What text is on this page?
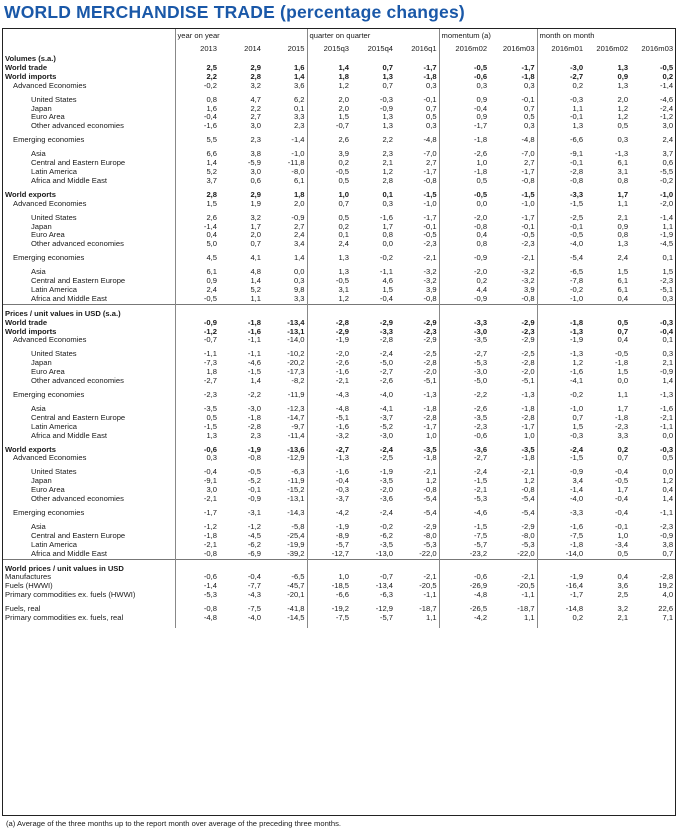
WORLD MERCHANDISE TRADE (percentage changes)
	year on year			quarter on quarter			momentum (a)		month on month		
	2013	2014	2015	2015q3	2015q4	2016q1	2016m02	2016m03	2016m01	2016m02	2016m03
Volumes (s.a.)											
World trade	2,5	2,9	1,6	1,4	0,7	-1,7	-0,5	-1,7	-3,0	1,3	-0,5
World imports	2,2	2,8	1,4	1,8	1,3	-1,8	-0,6	-1,8	-2,7	0,9	0,2
Advanced Economies	-0,2	3,2	3,6	1,2	0,7	0,3	0,3	0,3	0,2	1,3	-1,4

United States	0,8	4,7	6,2	2,0	-0,3	-0,1	0,9	-0,1	-0,3	2,0	-4,6
Japan	1,6	2,2	0,1	2,0	-0,9	0,7	-0,4	0,7	1,1	1,2	-2,4
Euro Area	-0,4	2,7	3,3	1,5	1,3	0,5	0,9	0,5	-0,1	1,2	-1,2
Other advanced economies	-1,6	3,0	2,3	-0,7	1,3	0,3	-1,7	0,3	1,3	0,5	3,0

Emerging economies	5,5	2,3	-1,4	2,6	2,2	-4,8	-1,8	-4,8	-6,6	0,3	2,4

Asia	6,6	3,8	-1,0	3,9	2,3	-7,0	-2,6	-7,0	-9,1	-1,3	3,7
Central and Eastern Europe	1,4	-5,9	-11,8	0,2	2,1	2,7	1,0	2,7	-0,1	6,1	0,6
Latin America	5,2	3,0	-8,0	-0,5	1,2	-1,7	-1,8	-1,7	-2,8	3,1	-5,5
Africa and Middle East	3,7	0,6	6,1	0,5	2,8	-0,8	0,5	-0,8	-0,8	0,8	-0,2

World exports	2,8	2,9	1,8	1,0	0,1	-1,5	-0,5	-1,5	-3,3	1,7	-1,0
Advanced Economies	1,5	1,9	2,0	0,7	0,3	-1,0	0,0	-1,0	-1,5	1,1	-2,0

United States	2,6	3,2	-0,9	0,5	-1,6	-1,7	-2,0	-1,7	-2,5	2,1	-1,4
Japan	-1,4	1,7	2,7	0,2	1,7	-0,1	-0,8	-0,1	-0,1	0,9	1,1
Euro Area	0,4	2,0	2,4	0,1	0,8	-0,5	0,4	-0,5	-0,5	0,8	-1,9
Other advanced economies	5,0	0,7	3,4	2,4	0,0	-2,3	0,8	-2,3	-4,0	1,3	-4,5

Emerging economies	4,5	4,1	1,4	1,3	-0,2	-2,1	-0,9	-2,1	-5,4	2,4	0,1

Asia	6,1	4,8	0,0	1,3	-1,1	-3,2	-2,0	-3,2	-6,5	1,5	1,5
Central and Eastern Europe	0,9	1,4	0,3	-0,5	4,6	-3,2	0,2	-3,2	-7,8	6,1	-2,3
Latin America	2,4	5,2	9,8	3,1	1,5	3,9	4,4	3,9	-0,2	6,1	-5,1
Africa and Middle East	-0,5	1,1	3,3	1,2	-0,4	-0,8	-0,9	-0,8	-1,0	0,4	0,3

Prices / unit values in USD (s.a.)											
World trade	-0,9	-1,8	-13,4	-2,8	-2,9	-2,9	-3,3	-2,9	-1,8	0,5	-0,3
World imports	-1,2	-1,6	-13,1	-2,9	-3,3	-2,3	-3,0	-2,3	-1,3	0,7	-0,4
Advanced Economies	-0,7	-1,1	-14,0	-1,9	-2,8	-2,9	-3,5	-2,9	-1,9	0,4	0,1

United States	-1,1	-1,1	-10,2	-2,0	-2,4	-2,5	-2,7	-2,5	-1,3	-0,5	0,3
Japan	-7,3	-4,6	-20,2	-2,6	-5,0	-2,8	-5,3	-2,8	1,2	-1,8	2,1
Euro Area	1,8	-1,5	-17,3	-1,6	-2,7	-2,0	-3,0	-2,0	-1,6	1,5	-0,9
Other advanced economies	-2,7	1,4	-8,2	-2,1	-2,6	-5,1	-5,0	-5,1	-4,1	0,0	1,4

Emerging economies	-2,3	-2,2	-11,9	-4,3	-4,0	-1,3	-2,2	-1,3	-0,2	1,1	-1,3

Asia	-3,5	-3,0	-12,3	-4,8	-4,1	-1,8	-2,6	-1,8	-1,0	1,7	-1,6
Central and Eastern Europe	0,5	-1,8	-14,7	-5,1	-3,7	-2,8	-3,5	-2,8	0,7	-1,8	-2,1
Latin America	-1,5	-2,8	-9,7	-1,6	-5,2	-1,7	-2,3	-1,7	1,5	-2,3	-1,1
Africa and Middle East	1,3	2,3	-11,4	-3,2	-3,0	1,0	-0,6	1,0	-0,3	3,3	0,0

World exports	-0,6	-1,9	-13,6	-2,7	-2,4	-3,5	-3,6	-3,5	-2,4	0,2	-0,3
Advanced Economies	0,3	-0,8	-12,9	-1,3	-2,5	-1,8	-2,7	-1,8	-1,5	0,7	0,5

United States	-0,4	-0,5	-6,3	-1,6	-1,9	-2,1	-2,4	-2,1	-0,9	-0,4	0,0
Japan	-9,1	-5,2	-11,9	-0,4	-3,5	1,2	-1,5	1,2	3,4	-0,5	1,2
Euro Area	3,0	-0,1	-15,2	-0,3	-2,0	-0,8	-2,1	-0,8	-1,4	1,7	0,4
Other advanced economies	-2,1	-0,9	-13,1	-3,7	-3,6	-5,4	-5,3	-5,4	-4,0	-0,4	1,4

Emerging economies	-1,7	-3,1	-14,3	-4,2	-2,4	-5,4	-4,6	-5,4	-3,3	-0,4	-1,1

Asia	-1,2	-1,2	-5,8	-1,9	-0,2	-2,9	-1,5	-2,9	-1,6	-0,1	-2,3
Central and Eastern Europe	-1,8	-4,5	-25,4	-8,9	-6,2	-8,0	-7,5	-8,0	-7,5	1,0	-0,9
Latin America	-2,1	-6,2	-19,9	-5,7	-3,5	-5,3	-5,7	-5,3	-1,8	-3,4	3,8
Africa and Middle East	-0,8	-6,9	-39,2	-12,7	-13,0	-22,0	-23,2	-22,0	-14,0	0,5	0,7

World prices / unit values in USD											
Manufactures	-0,6	-0,4	-6,5	1,0	-0,7	-2,1	-0,6	-2,1	-1,9	0,4	-2,8
Fuels (HWWI)	-1,4	-7,7	-45,7	-18,5	-13,4	-20,5	-26,9	-20,5	-16,4	3,6	19,2
Primary commodities ex. fuels (HWWI)	-5,3	-4,3	-20,1	-6,6	-6,3	-1,1	-4,8	-1,1	-1,7	2,5	4,0

Fuels, real	-0,8	-7,5	-41,8	-19,2	-12,9	-18,7	-26,5	-18,7	-14,8	3,2	22,6
Primary commodities ex. fuels, real	-4,8	-4,0	-14,5	-7,5	-5,7	1,1	-4,2	1,1	0,2	2,1	7,1

(a) Average of the three months up to the report month over average of the preceding three months.
